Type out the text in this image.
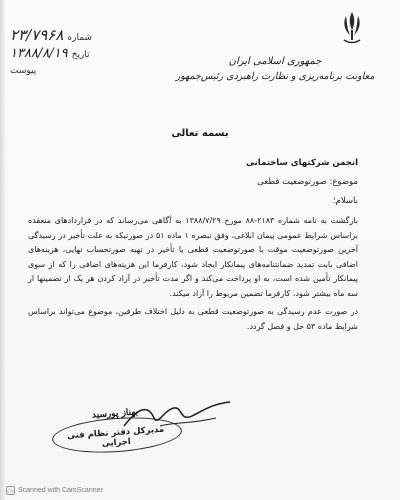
شماره
۲۳/۷۹۶۸
تاریخ
۱۳۸۸/۸/۱۹
پیوست
جمهوری اسلامی ایران
معاونت برنامه‌ریزی و نظارت راهبردی رئیس‌جمهور
بسمه تعالی

انجمن شرکتهای ساختمانی

موضوع: صورتوضعیت قطعی

باسلام؛

بازگشت به نامه شماره ۲۱۸۳-۸۸ مورخ ۱۳۸۸/۷/۲۹ به آگاهی می‌رساند که در قراردادهای منعقده براساس شرایط عمومی پیمان ابلاغی، وفق تبصره ۱ ماده ۵۱ در صورتیکه به علت تأخیر در رسیدگی آخرین صورتوضعیت موقت یا صورتوضعیت قطعی یا تأخیر در تهیه صورتحساب نهایی، هزینه‌های اضافی بابت تمدید ضمانتنامه‌های پیمانکار ایجاد شود، کارفرما این هزینه‌های اضافی را که از سوی پیمانکار تأمین شده است، به او پرداخت می‌کند و اگر مدت تأخیر در آزاد کردن هر یک از تضمینها از سه ماه بیشتر شود، کارفرما تضمین مربوط را آزاد میکند.

در صورت عدم رسیدگی به صورتوضعیت قطعی به دلیل اختلاف طرفین، موضوع می‌تواند براساس شرایط ماده ۵۳ حل و فصل گردد.

بهناز پورسید
مدیرکل دفتر نظام فنی اجرایی
CS Scanned with CamScanner
